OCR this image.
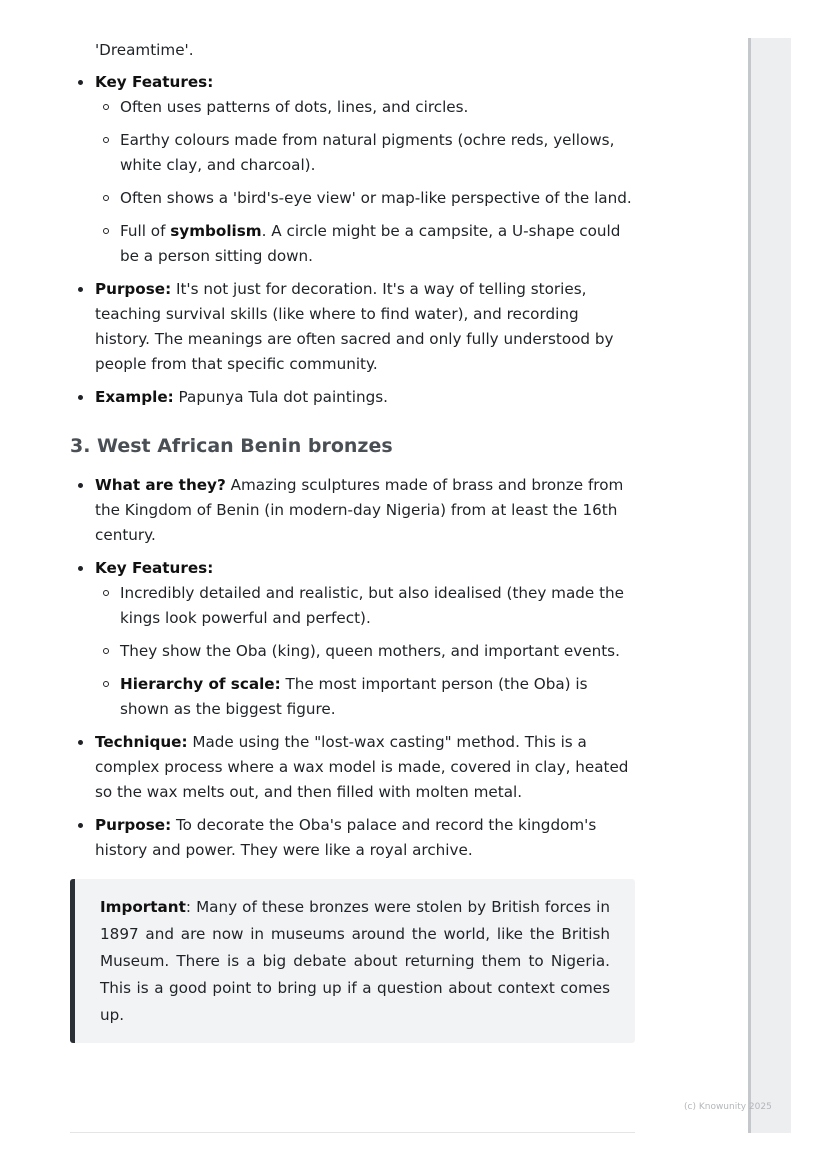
'Dreamtime'.

Key Features:
Often uses patterns of dots, lines, and circles.
Earthy colours made from natural pigments (ochre reds, yellows, white clay, and charcoal).
Often shows a 'bird's-eye view' or map-like perspective of the land.
Full of symbolism. A circle might be a campsite, a U-shape could be a person sitting down.
Purpose: It's not just for decoration. It's a way of telling stories, teaching survival skills (like where to find water), and recording history. The meanings are often sacred and only fully understood by people from that specific community.
Example: Papunya Tula dot paintings.
3. West African Benin bronzes
What are they? Amazing sculptures made of brass and bronze from the Kingdom of Benin (in modern-day Nigeria) from at least the 16th century.
Key Features:
Incredibly detailed and realistic, but also idealised (they made the kings look powerful and perfect).
They show the Oba (king), queen mothers, and important events.
Hierarchy of scale: The most important person (the Oba) is shown as the biggest figure.
Technique: Made using the "lost-wax casting" method. This is a complex process where a wax model is made, covered in clay, heated so the wax melts out, and then filled with molten metal.
Purpose: To decorate the Oba's palace and record the kingdom's history and power. They were like a royal archive.
Important: Many of these bronzes were stolen by British forces in 1897 and are now in museums around the world, like the British Museum. There is a big debate about returning them to Nigeria. This is a good point to bring up if a question about context comes up.
(c) Knowunity 2025
